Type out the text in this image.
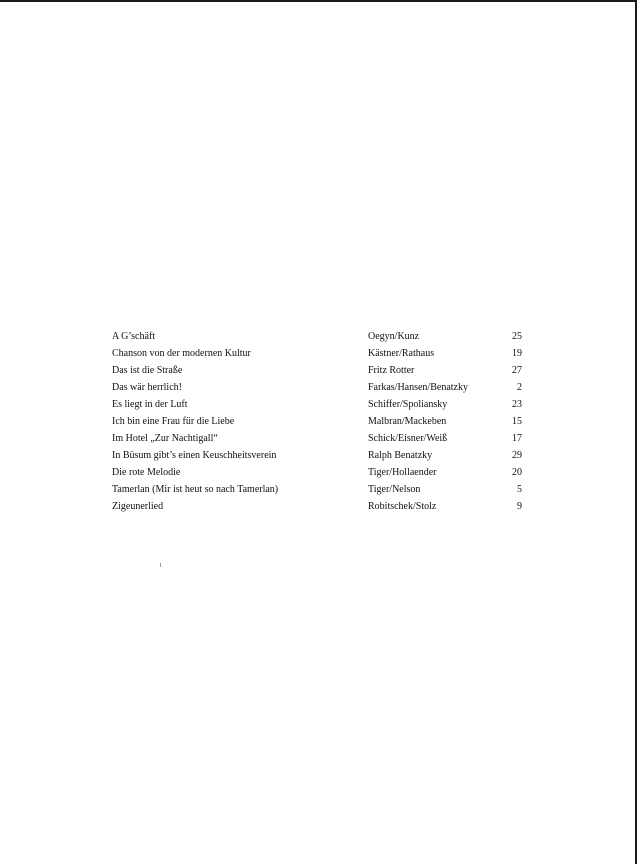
A G’schäft	Oegyn/Kunz	25
Chanson von der modernen Kultur	Kästner/Rathaus	19
Das ist die Straße	Fritz Rotter	27
Das wär herrlich!	Farkas/Hansen/Benatzky	2
Es liegt in der Luft	Schiffer/Spoliansky	23
Ich bin eine Frau für die Liebe	Malbran/Mackeben	15
Im Hotel „Zur Nachtigall“	Schick/Eisner/Weiß	17
In Büsum gibt’s einen Keuschheitsverein	Ralph Benatzky	29
Die rote Melodie	Tiger/Hollaender	20
Tamerlan (Mir ist heut so nach Tamerlan)	Tiger/Nelson	5
Zigeunerlied	Robitschek/Stolz	9
